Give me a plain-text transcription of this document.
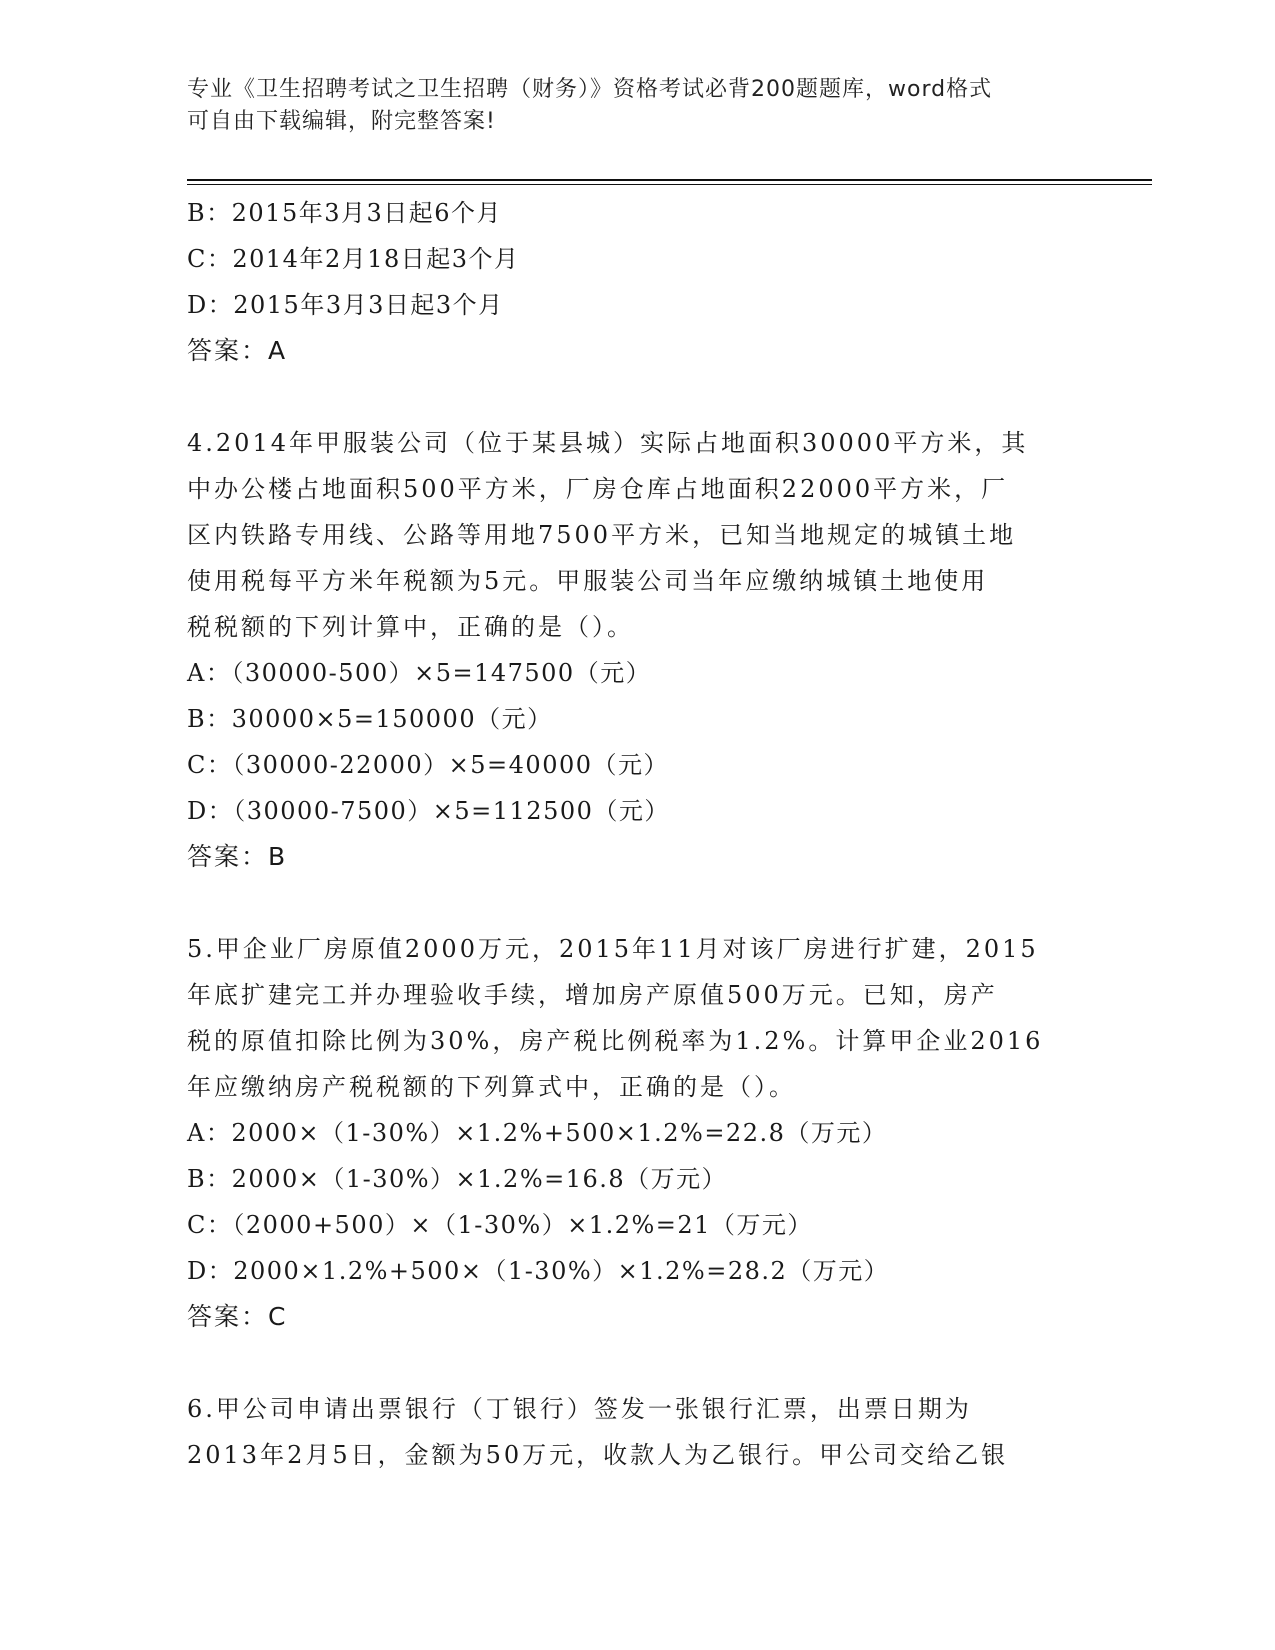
专业《卫生招聘考试之卫生招聘（财务）》资格考试必背200题题库，word格式
可自由下载编辑，附完整答案!
B：2015年3月3日起6个月
C：2014年2月18日起3个月
D：2015年3月3日起3个月
答案：A
4.2014年甲服装公司（位于某县城）实际占地面积30000平方米，其
中办公楼占地面积500平方米，厂房仓库占地面积22000平方米，厂
区内铁路专用线、公路等用地7500平方米，已知当地规定的城镇土地
使用税每平方米年税额为5元。甲服装公司当年应缴纳城镇土地使用
税税额的下列计算中，正确的是（）。
A：（30000-500）×5=147500（元）
B：30000×5=150000（元）
C：（30000-22000）×5=40000（元）
D：（30000-7500）×5=112500（元）
答案：B
5.甲企业厂房原值2000万元，2015年11月对该厂房进行扩建，2015
年底扩建完工并办理验收手续，增加房产原值500万元。已知，房产
税的原值扣除比例为30%，房产税比例税率为1.2%。计算甲企业2016
年应缴纳房产税税额的下列算式中，正确的是（）。
A：2000×（1-30%）×1.2%+500×1.2%=22.8（万元）
B：2000×（1-30%）×1.2%=16.8（万元）
C：（2000+500）×（1-30%）×1.2%=21（万元）
D：2000×1.2%+500×（1-30%）×1.2%=28.2（万元）
答案：C
6.甲公司申请出票银行（丁银行）签发一张银行汇票，出票日期为
2013年2月5日，金额为50万元，收款人为乙银行。甲公司交给乙银
